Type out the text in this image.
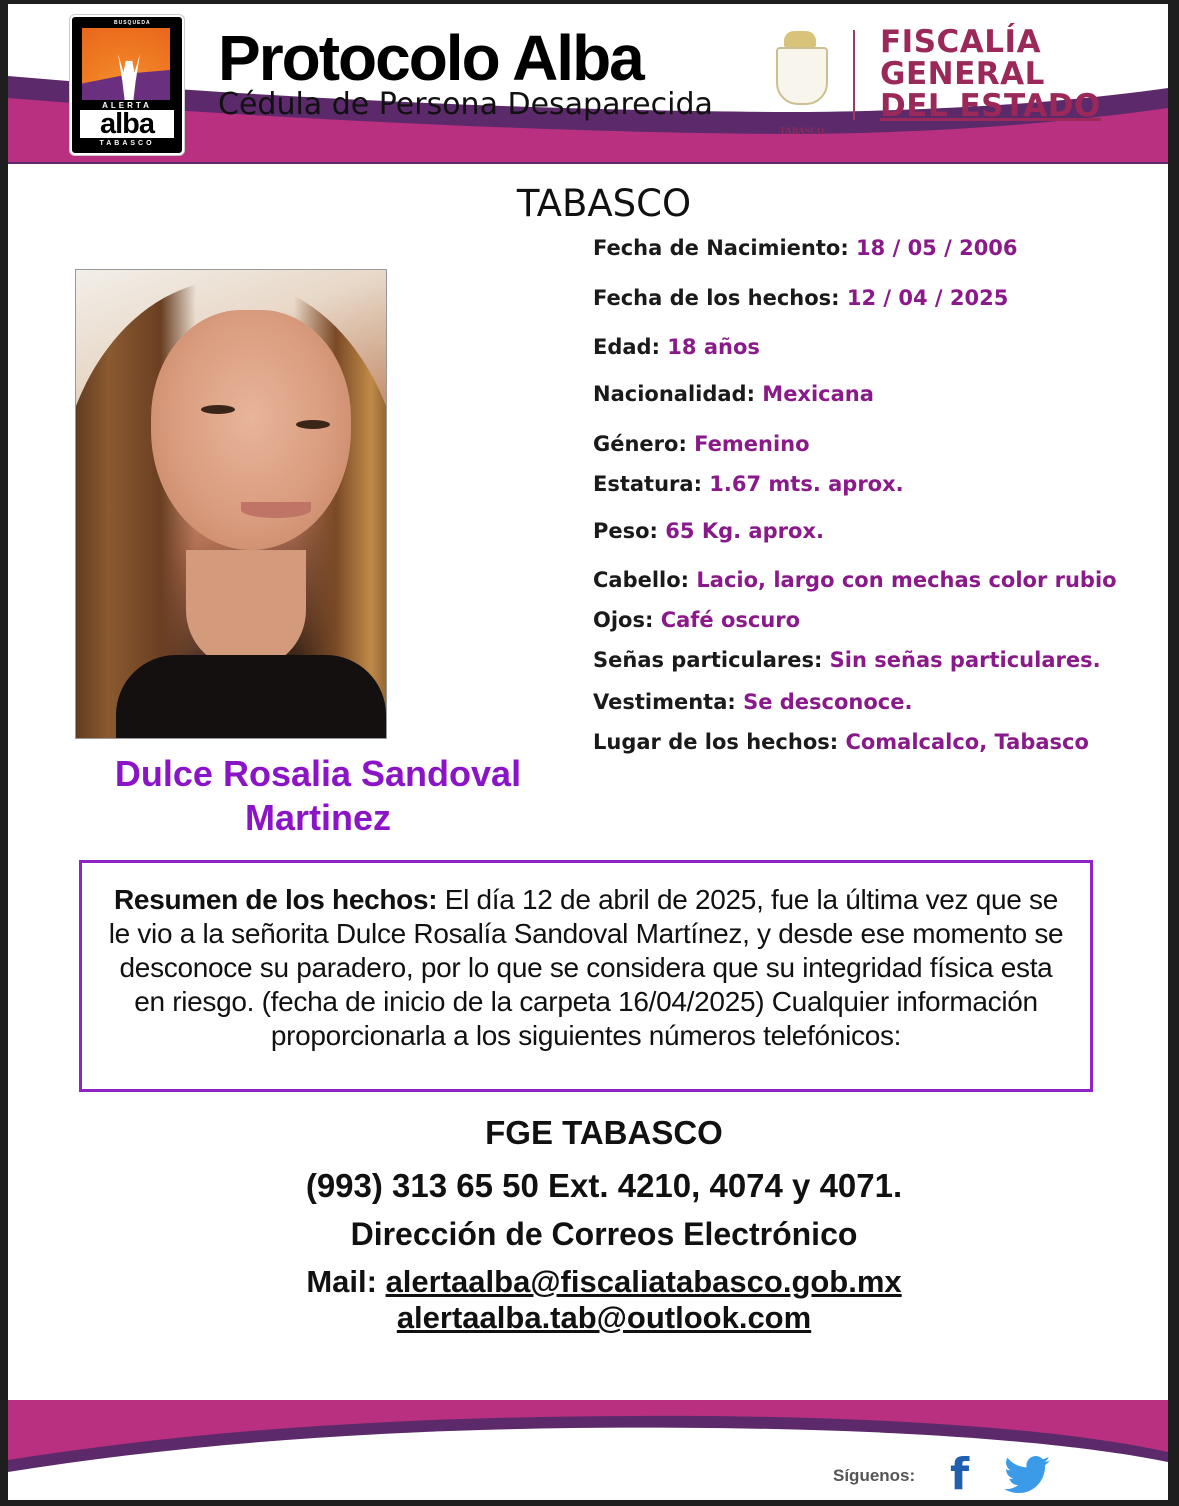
BUSQUEDA
ALERTA
alba
TABASCO
Protocolo Alba
Cédula de Persona Desaparecida
TABASCO
FISCALÍA
GENERAL
DEL ESTADO
TABASCO
Dulce Rosalia Sandoval
Martinez
Fecha de Nacimiento: 18 / 05 / 2006
Fecha de los hechos: 12 / 04 / 2025
Edad: 18 años
Nacionalidad: Mexicana
Género: Femenino
Estatura: 1.67 mts. aprox.
Peso: 65 Kg. aprox.
Cabello: Lacio, largo con mechas color rubio
Ojos: Café oscuro
Señas particulares: Sin señas particulares.
Vestimenta: Se desconoce.
Lugar de los hechos: Comalcalco, Tabasco
Resumen de los hechos: El día 12 de abril de 2025, fue la última vez que se le vio a la señorita Dulce Rosalía Sandoval Martínez, y desde ese momento se desconoce su paradero, por lo que se considera que su integridad física esta en riesgo. (fecha de inicio de la carpeta 16/04/2025) Cualquier información proporcionarla a los siguientes números telefónicos:
FGE TABASCO
(993) 313 65 50 Ext. 4210, 4074 y 4071.
Dirección de Correos Electrónico
Mail: alertaalba@fiscaliatabasco.gob.mx
alertaalba.tab@outlook.com
Síguenos: f
